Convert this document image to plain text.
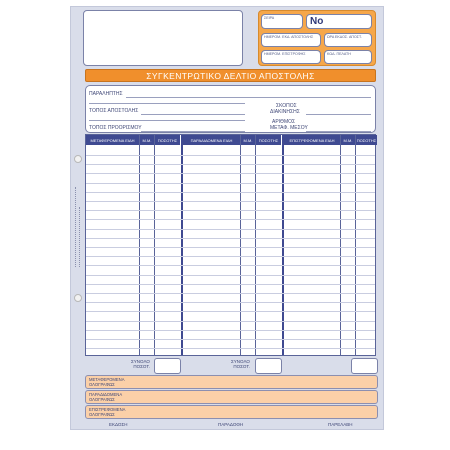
ΣΕΙΡΑ	No
ΗΜΕΡΟΜ. ΕΚΔ. ΑΠΟΣΤΟΛΗΣ	ΩΡΑ ΕΚΔΟΣ. ΑΠΟΣΤ.
ΗΜΕΡΟΜ. ΕΠΙΣΤΡΟΦΗΣ	ΚΩΔ. ΠΕΛΑΤΗ
ΣΥΓΚΕΝΤΡΩΤΙΚΟ ΔΕΛΤΙΟ ΑΠΟΣΤΟΛΗΣ
ΠΑΡΑΛΗΠΤΗΣ
ΤΟΠΟΣ ΑΠΟΣΤΟΛΗΣ
ΤΟΠΟΣ ΠΡΟΟΡΙΣΜΟΥ
ΣΚΟΠΟΣ
ΔΙΑΚΙΝΗΣΗΣ
ΑΡΙΘΜΟΣ
ΜΕΤΑΦ. ΜΕΣΟΥ
ΜΕΤΑΦΕΡΟΜΕΝΑ ΕΙΔΗ	Μ.Μ.	ΠΟΣΟΤΗΣ	ΠΑΡΑΔΙΔΟΜΕΝΑ ΕΙΔΗ	Μ.Μ.	ΠΟΣΟΤΗΣ	ΕΠΙΣΤΡΕΦΟΜΕΝΑ ΕΙΔΗ	Μ.Μ.	ΠΟΣΟΤΗΣ
ΣΥΝΟΛΟ
ΠΟΣΟΤ.
ΣΥΝΟΛΟ
ΠΟΣΟΤ.
ΜΕΤΑΦΕΡΟΜΕΝΑ
ΟΛΟΓΡΑΦΩΣ
ΠΑΡΑΔΙΔΟΜΕΝΑ
ΟΛΟΓΡΑΦΩΣ
ΕΠΙΣΤΡΕΦΟΜΕΝΑ
ΟΛΟΓΡΑΦΩΣ
ΕΚΔΟΣΗ	ΠΑΡΑΔΟΘΗ	ΠΑΡΕΛΑΒΗ
